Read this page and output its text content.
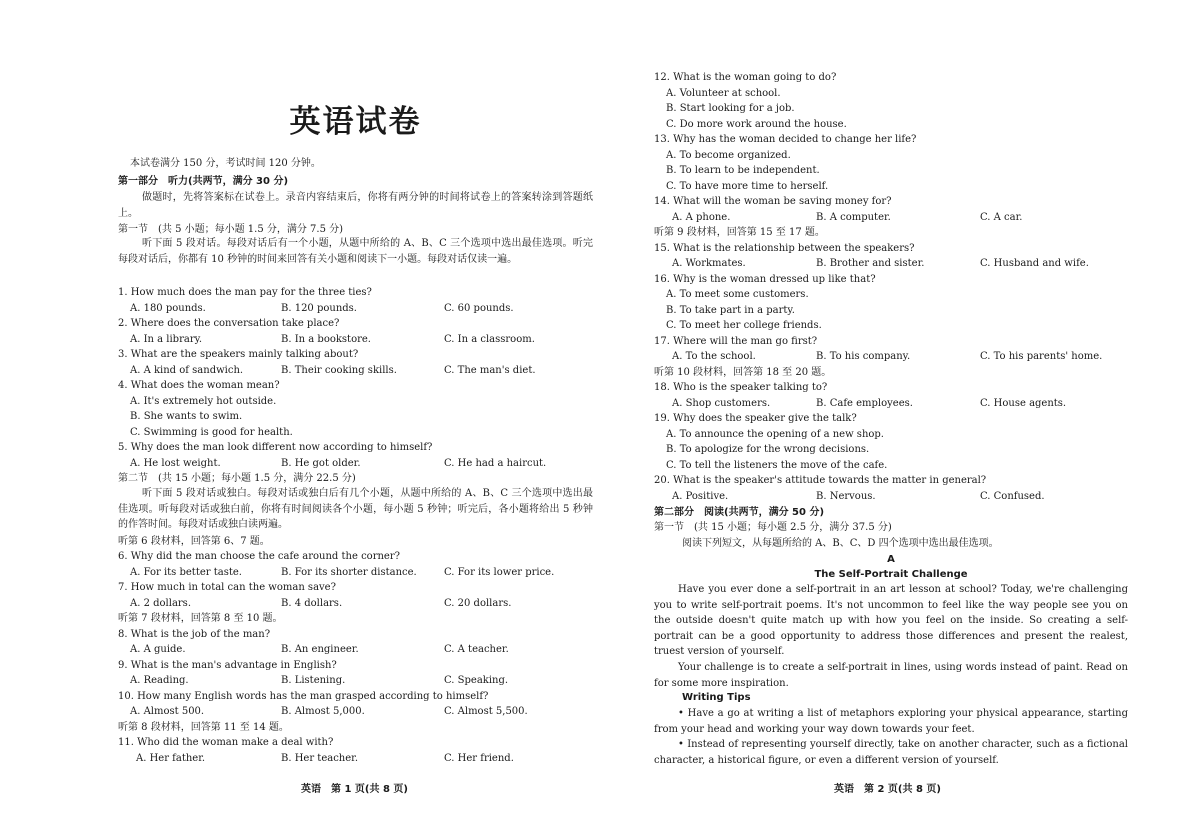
英语试卷
本试卷满分 150 分，考试时间 120 分钟。
第一部分　听力(共两节，满分 30 分)
做题时，先将答案标在试卷上。录音内容结束后，你将有两分钟的时间将试卷上的答案转涂到答题纸上。
第一节　(共 5 小题；每小题 1.5 分，满分 7.5 分)
听下面 5 段对话。每段对话后有一个小题，从题中所给的 A、B、C 三个选项中选出最佳选项。听完每段对话后，你都有 10 秒钟的时间来回答有关小题和阅读下一小题。每段对话仅读一遍。
1. How much does the man pay for the three ties?
A. 180 pounds.	B. 120 pounds.	C. 60 pounds.
2. Where does the conversation take place?
A. In a library.	B. In a bookstore.	C. In a classroom.
3. What are the speakers mainly talking about?
A. A kind of sandwich.	B. Their cooking skills.	C. The man's diet.
4. What does the woman mean?
A. It's extremely hot outside.
B. She wants to swim.
C. Swimming is good for health.
5. Why does the man look different now according to himself?
A. He lost weight.	B. He got older.	C. He had a haircut.
第二节　(共 15 小题；每小题 1.5 分，满分 22.5 分)
听下面 5 段对话或独白。每段对话或独白后有几个小题，从题中所给的 A、B、C 三个选项中选出最佳选项。听每段对话或独白前，你将有时间阅读各个小题，每小题 5 秒钟；听完后，各小题将给出 5 秒钟的作答时间。每段对话或独白读两遍。
听第 6 段材料，回答第 6、7 题。
6. Why did the man choose the cafe around the corner?
A. For its better taste.	B. For its shorter distance.	C. For its lower price.
7. How much in total can the woman save?
A. 2 dollars.	B. 4 dollars.	C. 20 dollars.
听第 7 段材料，回答第 8 至 10 题。
8. What is the job of the man?
A. A guide.	B. An engineer.	C. A teacher.
9. What is the man's advantage in English?
A. Reading.	B. Listening.	C. Speaking.
10. How many English words has the man grasped according to himself?
A. Almost 500.	B. Almost 5,000.	C. Almost 5,500.
听第 8 段材料，回答第 11 至 14 题。
11. Who did the woman make a deal with?
A. Her father.	B. Her teacher.	C. Her friend.
英语　第 1 页(共 8 页)
12. What is the woman going to do?
A. Volunteer at school.
B. Start looking for a job.
C. Do more work around the house.
13. Why has the woman decided to change her life?
A. To become organized.
B. To learn to be independent.
C. To have more time to herself.
14. What will the woman be saving money for?
A. A phone.	B. A computer.	C. A car.
听第 9 段材料，回答第 15 至 17 题。
15. What is the relationship between the speakers?
A. Workmates.	B. Brother and sister.	C. Husband and wife.
16. Why is the woman dressed up like that?
A. To meet some customers.
B. To take part in a party.
C. To meet her college friends.
17. Where will the man go first?
A. To the school.	B. To his company.	C. To his parents' home.
听第 10 段材料，回答第 18 至 20 题。
18. Who is the speaker talking to?
A. Shop customers.	B. Cafe employees.	C. House agents.
19. Why does the speaker give the talk?
A. To announce the opening of a new shop.
B. To apologize for the wrong decisions.
C. To tell the listeners the move of the cafe.
20. What is the speaker's attitude towards the matter in general?
A. Positive.	B. Nervous.	C. Confused.
第二部分　阅读(共两节，满分 50 分)
第一节　(共 15 小题；每小题 2.5 分，满分 37.5 分)
阅读下列短文，从每题所给的 A、B、C、D 四个选项中选出最佳选项。
A
The Self-Portrait Challenge
Have you ever done a self-portrait in an art lesson at school? Today, we're challenging you to write self-portrait poems. It's not uncommon to feel like the way people see you on the outside doesn't quite match up with how you feel on the inside. So creating a self-portrait can be a good opportunity to address those differences and present the realest, truest version of yourself.
Your challenge is to create a self-portrait in lines, using words instead of paint. Read on for some more inspiration.
Writing Tips
• Have a go at writing a list of metaphors exploring your physical appearance, starting from your head and working your way down towards your feet.
• Instead of representing yourself directly, take on another character, such as a fictional character, a historical figure, or even a different version of yourself.
英语　第 2 页(共 8 页)
